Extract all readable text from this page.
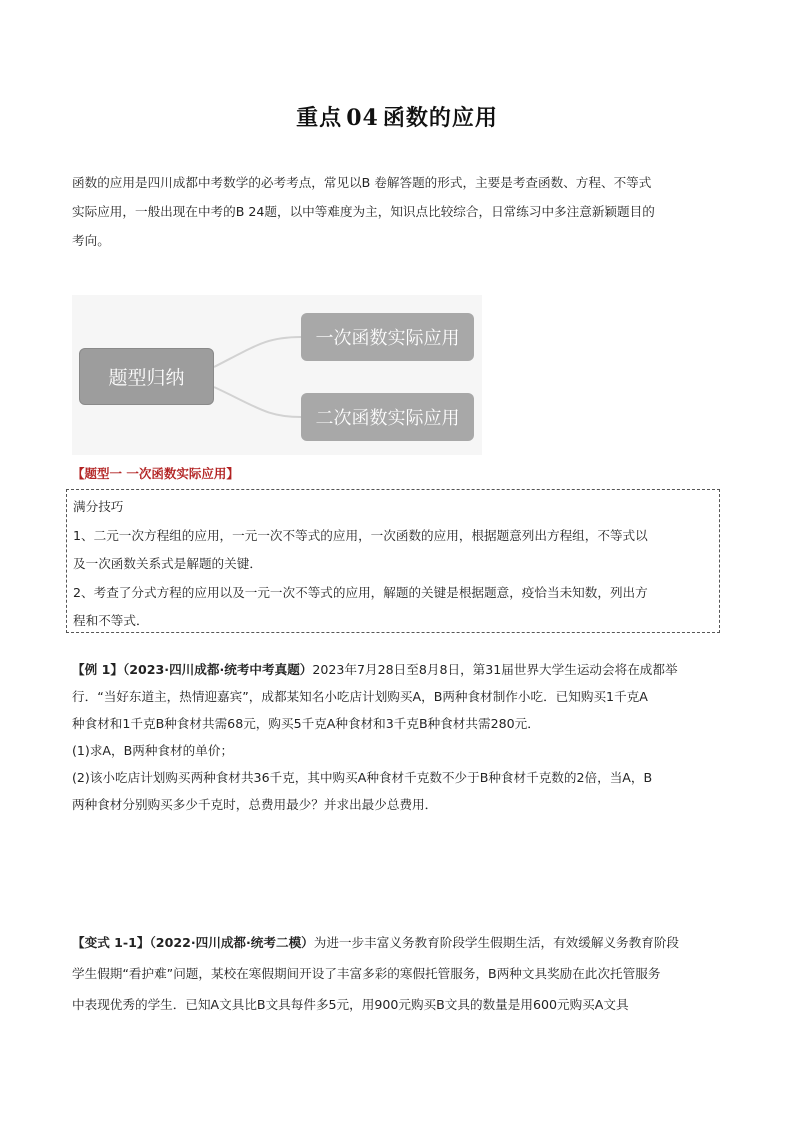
重点 04 函数的应用

函数的应用是四川成都中考数学的必考考点，常见以B 卷解答题的形式，主要是考查函数、方程、不等式

实际应用，一般出现在中考的B 24题，以中等难度为主，知识点比较综合，日常练习中多注意新颖题目的

考向。

题型归纳
一次函数实际应用
二次函数实际应用
【题型一 一次函数实际应用】

满分技巧

1、二元一次方程组的应用，一元一次不等式的应用，一次函数的应用，根据题意列出方程组，不等式以

及一次函数关系式是解题的关键．

2、考查了分式方程的应用以及一元一次不等式的应用，解题的关键是根据题意，疫恰当未知数，列出方

程和不等式．

【例 1】（2023·四川成都·统考中考真题）2023年7月28日至8月8日，第31届世界大学生运动会将在成都举

行．“当好东道主，热情迎嘉宾”，成都某知名小吃店计划购买A，B两种食材制作小吃．已知购买1千克A

种食材和1千克B种食材共需68元，购买5千克A种食材和3千克B种食材共需280元．

(1)求A，B两种食材的单价；

(2)该小吃店计划购买两种食材共36千克，其中购买A种食材千克数不少于B种食材千克数的2倍，当A，B

两种食材分别购买多少千克时，总费用最少？并求出最少总费用．

【变式 1-1】（2022·四川成都·统考二模）为进一步丰富义务教育阶段学生假期生活，有效缓解义务教育阶段

学生假期“看护难”问题，某校在寒假期间开设了丰富多彩的寒假托管服务，B两种文具奖励在此次托管服务

中表现优秀的学生．已知A文具比B文具每件多5元，用900元购买B文具的数量是用600元购买A文具
